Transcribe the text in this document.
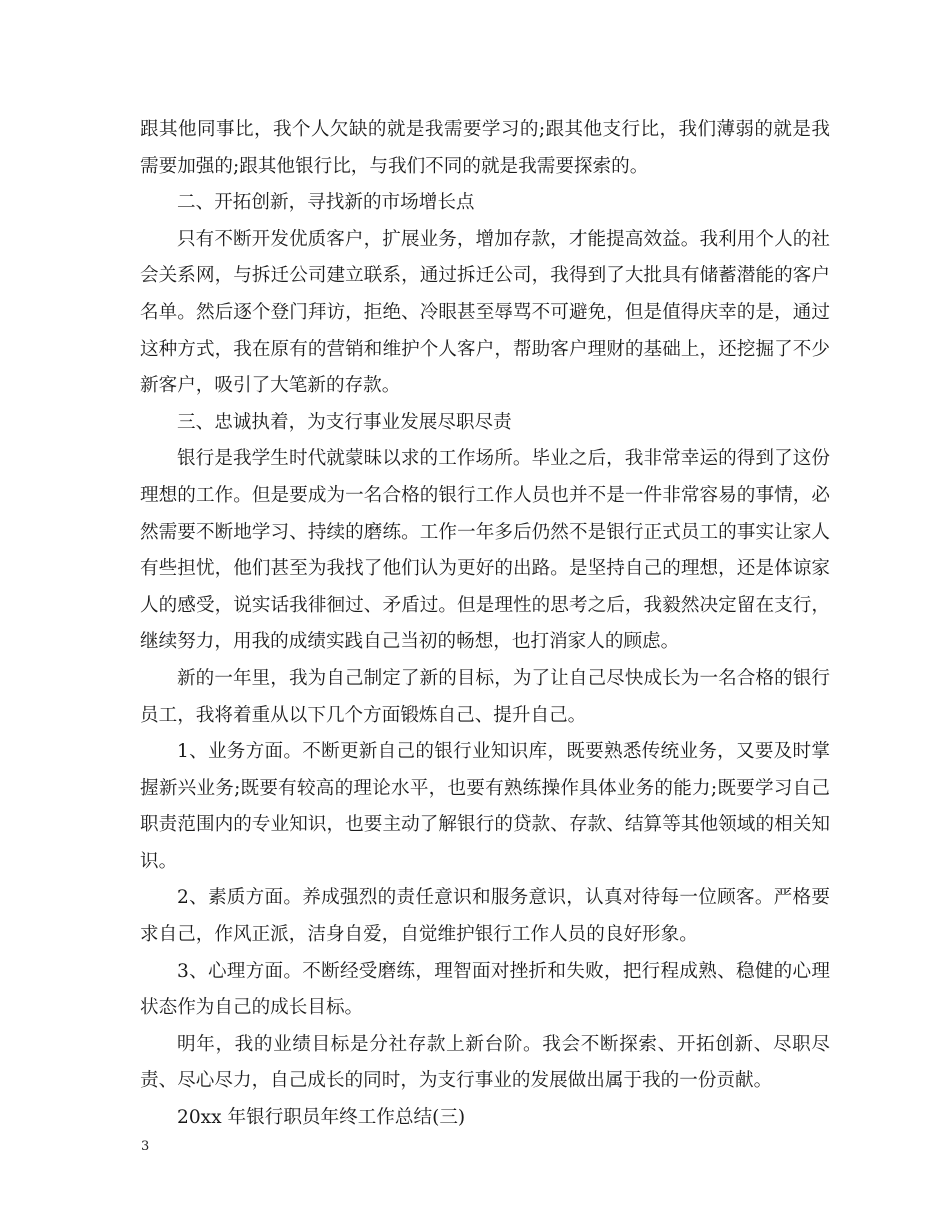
跟其他同事比，我个人欠缺的就是我需要学习的;跟其他支行比，我们薄弱的就是我需要加强的;跟其他银行比，与我们不同的就是我需要探索的。

二、开拓创新，寻找新的市场增长点

只有不断开发优质客户，扩展业务，增加存款，才能提高效益。我利用个人的社会关系网，与拆迁公司建立联系，通过拆迁公司，我得到了大批具有储蓄潜能的客户名单。然后逐个登门拜访，拒绝、冷眼甚至辱骂不可避免，但是值得庆幸的是，通过这种方式，我在原有的营销和维护个人客户，帮助客户理财的基础上，还挖掘了不少新客户，吸引了大笔新的存款。

三、忠诚执着，为支行事业发展尽职尽责

银行是我学生时代就蒙昧以求的工作场所。毕业之后，我非常幸运的得到了这份理想的工作。但是要成为一名合格的银行工作人员也并不是一件非常容易的事情，必然需要不断地学习、持续的磨练。工作一年多后仍然不是银行正式员工的事实让家人有些担忧，他们甚至为我找了他们认为更好的出路。是坚持自己的理想，还是体谅家人的感受，说实话我徘徊过、矛盾过。但是理性的思考之后，我毅然决定留在支行，继续努力，用我的成绩实践自己当初的畅想，也打消家人的顾虑。

新的一年里，我为自己制定了新的目标，为了让自己尽快成长为一名合格的银行员工，我将着重从以下几个方面锻炼自己、提升自己。

1、业务方面。不断更新自己的银行业知识库，既要熟悉传统业务，又要及时掌握新兴业务;既要有较高的理论水平，也要有熟练操作具体业务的能力;既要学习自己职责范围内的专业知识，也要主动了解银行的贷款、存款、结算等其他领域的相关知识。

2、素质方面。养成强烈的责任意识和服务意识，认真对待每一位顾客。严格要求自己，作风正派，洁身自爱，自觉维护银行工作人员的良好形象。

3、心理方面。不断经受磨练，理智面对挫折和失败，把行程成熟、稳健的心理状态作为自己的成长目标。

明年，我的业绩目标是分社存款上新台阶。我会不断探索、开拓创新、尽职尽责、尽心尽力，自己成长的同时，为支行事业的发展做出属于我的一份贡献。

20xx 年银行职员年终工作总结(三)

3
